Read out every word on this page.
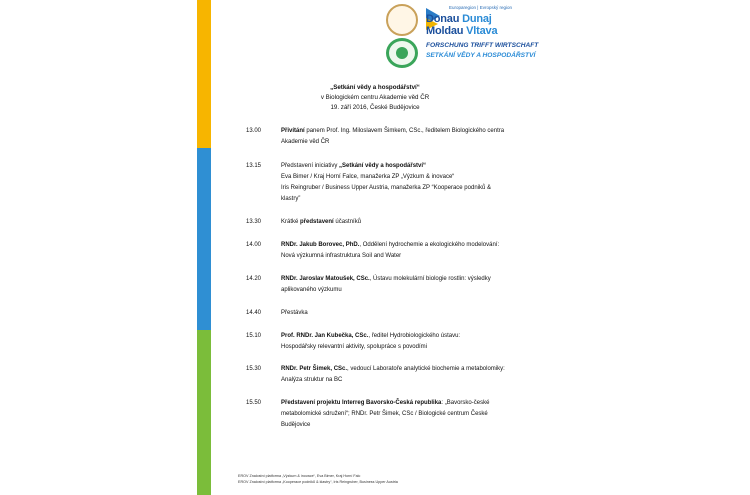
Europaregion | Evropský region
Donau Dunaj
Moldau Vltava
FORSCHUNG TRIFFT WIRTSCHAFT
SETKÁNÍ VĚDY A HOSPODÁŘSTVÍ
„Setkání vědy a hospodářství“
v Biologickém centru Akademie věd ČR
19. září 2016, České Budějovice
13.00	Přivítání panem Prof. Ing. Miloslavem Šimkem, CSc., ředitelem Biologického centra
Akademie věd ČR
13.15	Představení iniciativy „Setkání vědy a hospodářství“
Eva Bimer / Kraj Horní Falce, manažerka ZP „Výzkum & inovace“
Iris Reingruber / Business Upper Austria, manažerka ZP “Kooperace podniků &
klastry”
13.30	Krátké představení účastníků
14.00	RNDr. Jakub Borovec, PhD., Oddělení hydrochemie a ekologického modelování:
Nová výzkumná infrastruktura Soil and Water
14.20	RNDr. Jaroslav Matoušek, CSc., Ústavu molekulární biologie rostlin: výsledky
aplikovaného výzkumu
14.40	Přestávka
15.10	Prof. RNDr. Jan Kubečka, CSc., ředitel Hydrobiologického ústavu:
Hospodářsky relevantní aktivity, spolupráce s povodími
15.30	RNDr. Petr Šimek, CSc., vedoucí Laboratoře analytické biochemie a metabolomiky:
Analýza struktur na BC
15.50	Představení projektu Interreg Bavorsko-Česká republika: „Bavorsko-české
metabolomické sdružení“; RNDr. Petr Šimek, CSc / Biologické centrum České
Budějovice
EROV Znalostní platforma „Výzkum & inovace“, Eva Bimer, Kraj Horní Falc
EROV Znalostní platforma „Kooperace podniků & klastry“, Iris Reingruber, Business Upper Austria
